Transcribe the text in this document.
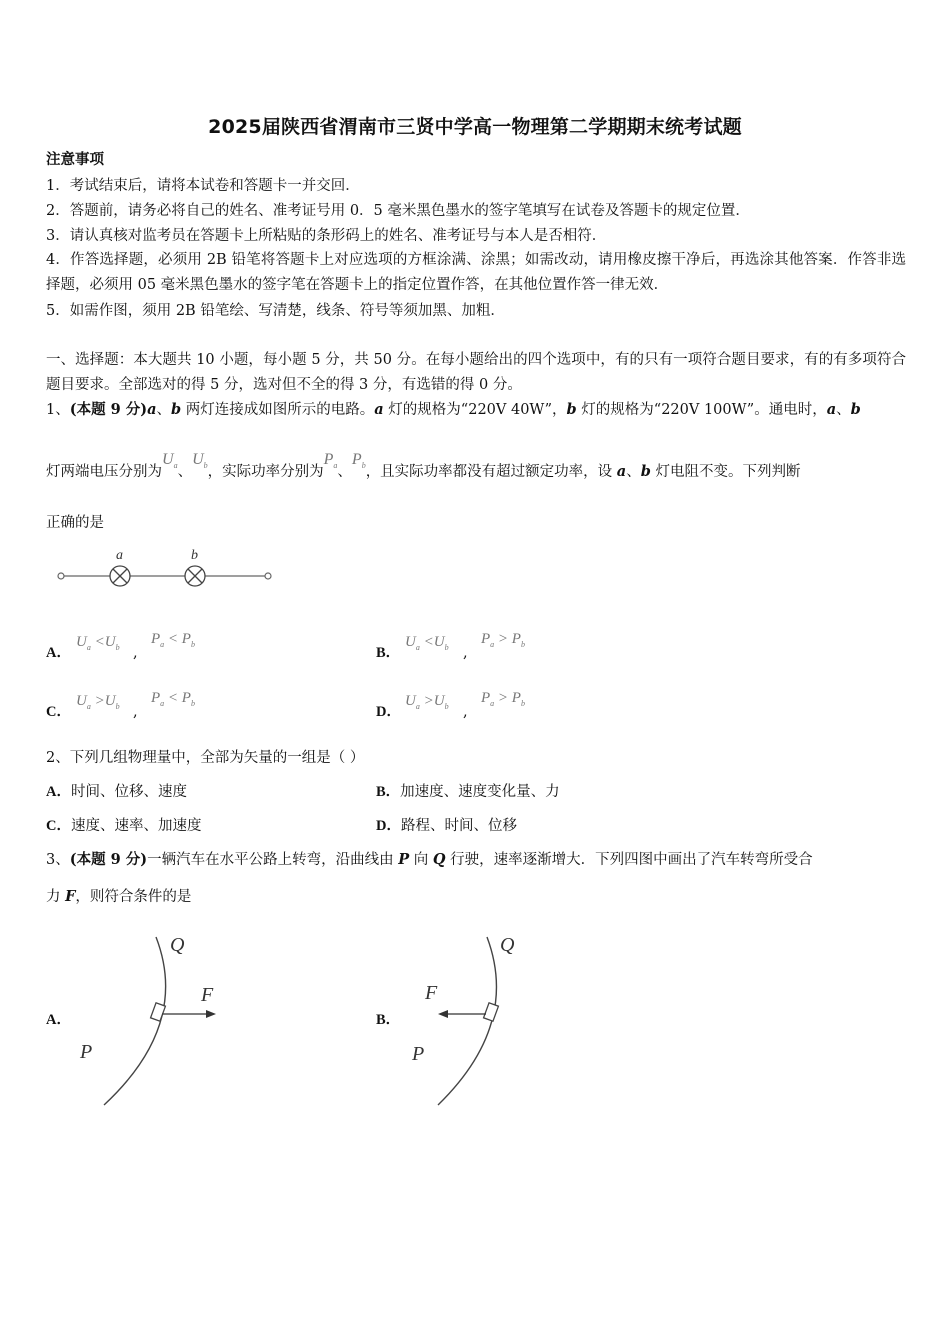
2025届陕西省渭南市三贤中学高一物理第二学期期末统考试题
注意事项
1．考试结束后，请将本试卷和答题卡一并交回．
2．答题前，请务必将自己的姓名、准考证号用 0．5 毫米黑色墨水的签字笔填写在试卷及答题卡的规定位置．
3．请认真核对监考员在答题卡上所粘贴的条形码上的姓名、准考证号与本人是否相符．
4．作答选择题，必须用 2B 铅笔将答题卡上对应选项的方框涂满、涂黑；如需改动，请用橡皮擦干净后，再选涂其他答案．作答非选择题，必须用 05 毫米黑色墨水的签字笔在答题卡上的指定位置作答，在其他位置作答一律无效．
5．如需作图，须用 2B 铅笔绘、写清楚，线条、符号等须加黑、加粗．
一、选择题：本大题共 10 小题，每小题 5 分，共 50 分。在每小题给出的四个选项中，有的只有一项符合题目要求，有的有多项符合题目要求。全部选对的得 5 分，选对但不全的得 3 分，有选错的得 0 分。
1、(本题 9 分)a、b 两灯连接成如图所示的电路。a 灯的规格为“220V 40W”，b 灯的规格为“220V 100W”。通电时，a、b
灯两端电压分别为$U_a$、$U_b$，实际功率分别为$P_a$、$P_b$，且实际功率都没有超过额定功率，设 a、b 灯电阻不变。下列判断
正确的是
a	b
A．
$U_a <U_b$ ,
$P_a < P_b$
B．
$U_a <U_b$ ,
$P_a > P_b$
C．
$U_a >U_b$ ,
$P_a < P_b$
D．
$U_a >U_b$ ,
$P_a > P_b$
2、下列几组物理量中，全部为矢量的一组是（ ）
A．时间、位移、速度	B．加速度、速度变化量、力
C．速度、速率、加速度	D．路程、时间、位移
3、(本题 9 分)一辆汽车在水平公路上转弯，沿曲线由 P 向 Q 行驶，速率逐渐增大．下列四图中画出了汽车转弯所受合
力 F，则符合条件的是
A．
Q
F
P
B．
Q
F
P
